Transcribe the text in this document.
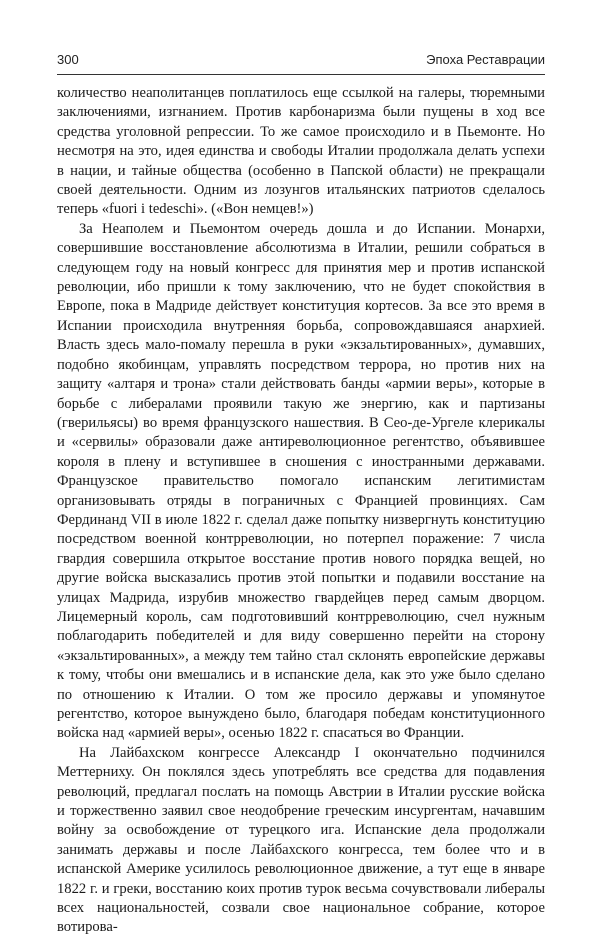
300	Эпоха Реставрации

количество неаполитанцев поплатилось еще ссылкой на галеры, тюремными заключениями, изгнанием. Против карбонаризма были пущены в ход все средства уголовной репрессии. То же самое происходило и в Пьемонте. Но несмотря на это, идея единства и свободы Италии продолжала делать успехи в нации, и тайные общества (особенно в Папской области) не прекращали своей деятельности. Одним из лозунгов итальянских патриотов сделалось теперь «fuori i tedeschi». («Вон немцев!»)

За Неаполем и Пьемонтом очередь дошла и до Испании. Монархи, совершившие восстановление абсолютизма в Италии, решили собраться в следующем году на новый конгресс для принятия мер и против испанской революции, ибо пришли к тому заключению, что не будет спокойствия в Европе, пока в Мадриде действует конституция кортесов. За все это время в Испании происходила внутренняя борьба, сопровождавшаяся анархией. Власть здесь мало-помалу перешла в руки «экзальтированных», думавших, подобно якобинцам, управлять посредством террора, но против них на защиту «алтаря и трона» стали действовать банды «армии веры», которые в борьбе с либералами проявили такую же энергию, как и партизаны (гверильясы) во время французского нашествия. В Сео-де-Ургеле клерикалы и «сервилы» образовали даже антиреволюционное регентство, объявившее короля в плену и вступившее в сношения с иностранными державами. Французское правительство помогало испанским легитимистам организовывать отряды в пограничных с Францией провинциях. Сам Фердинанд VII в июле 1822 г. сделал даже попытку низвергнуть конституцию посредством военной контрреволюции, но потерпел поражение: 7 числа гвардия совершила открытое восстание против нового порядка вещей, но другие войска высказались против этой попытки и подавили восстание на улицах Мадрида, изрубив множество гвардейцев перед самым дворцом. Лицемерный король, сам подготовивший контрреволюцию, счел нужным поблагодарить победителей и для виду совершенно перейти на сторону «экзальтированных», а между тем тайно стал склонять европейские державы к тому, чтобы они вмешались и в испанские дела, как это уже было сделано по отношению к Италии. О том же просило державы и упомянутое регентство, которое вынуждено было, благодаря победам конституционного войска над «армией веры», осенью 1822 г. спасаться во Франции.

На Лайбахском конгрессе Александр I окончательно подчинился Меттерниху. Он поклялся здесь употреблять все средства для подавления революций, предлагал послать на помощь Австрии в Италии русские войска и торжественно заявил свое неодобрение греческим инсургентам, начавшим войну за освобождение от турецкого ига. Испанские дела продолжали занимать державы и после Лайбахского конгресса, тем более что и в испанской Америке усилилось революционное движение, а тут еще в январе 1822 г. и греки, восстанию коих против турок весьма сочувствовали либералы всех национальностей, созвали свое национальное собрание, которое вотирова-
